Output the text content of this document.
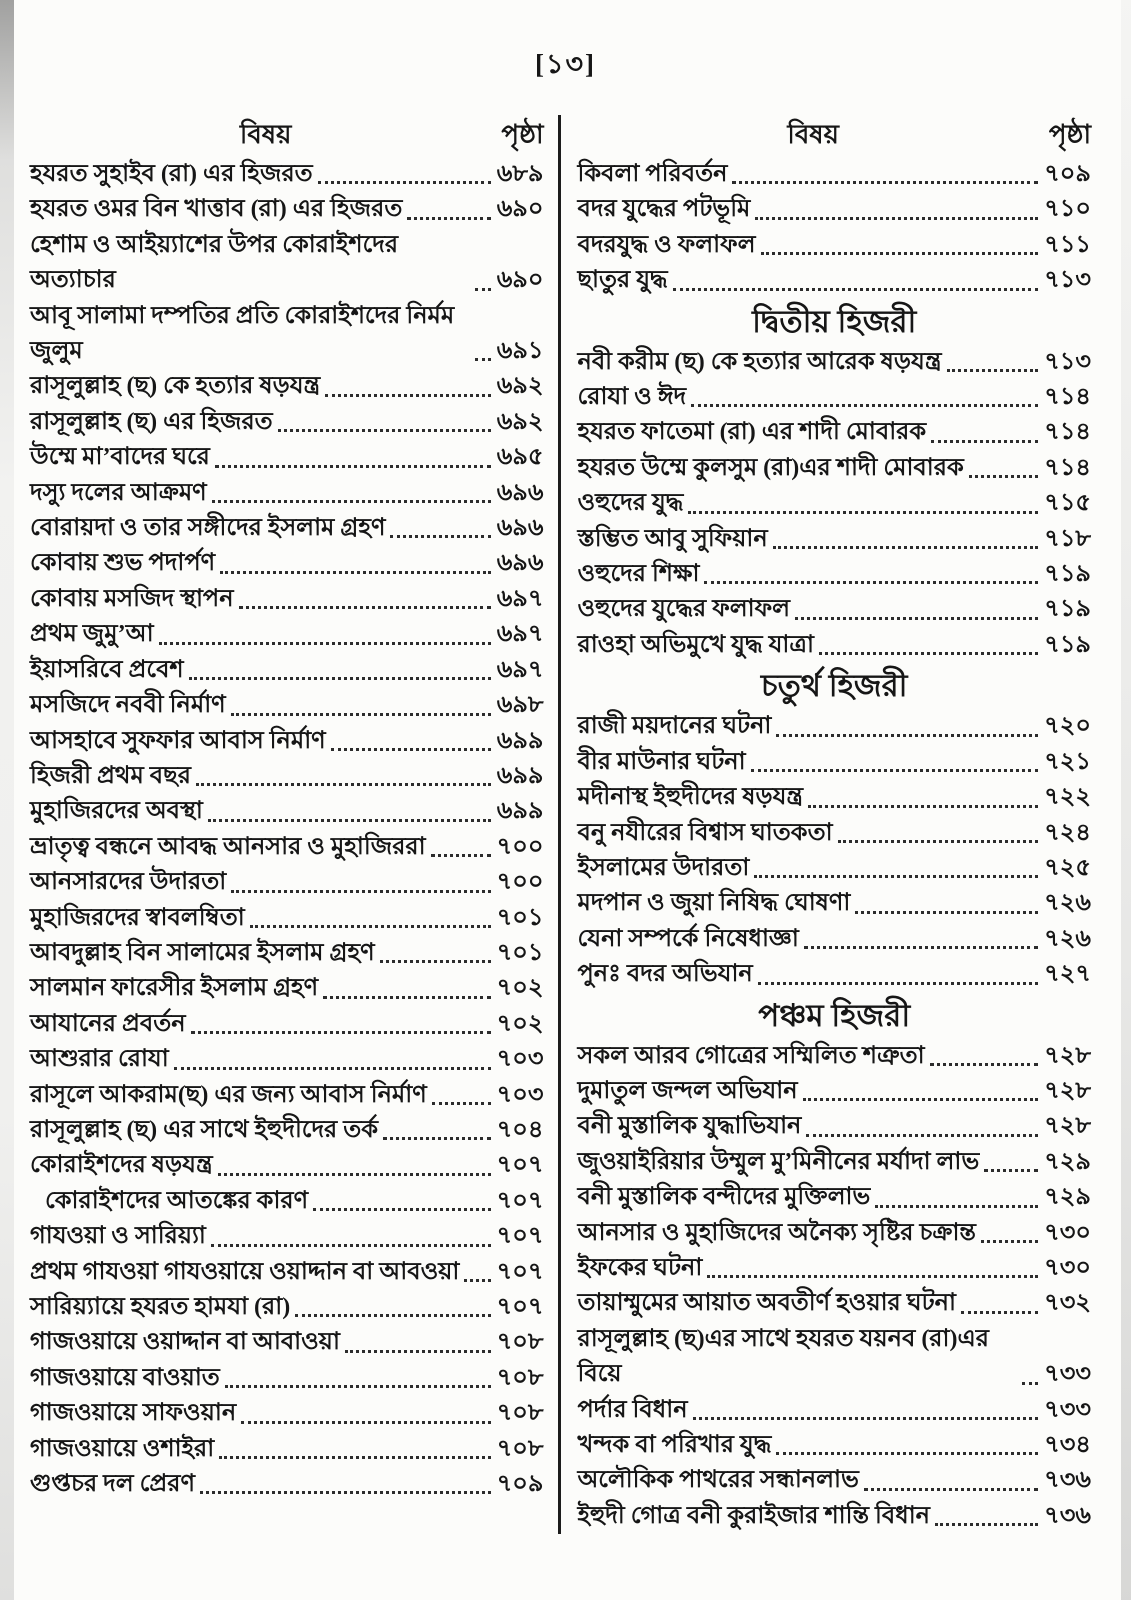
[১৩]
বিষয়	পৃষ্ঠা
হযরত সুহাইব (রা) এর হিজরত	৬৮৯
হযরত ওমর বিন খাত্তাব (রা) এর হিজরত	৬৯০
হেশাম ও আইয়্যাশের উপর কোরাইশদের অত্যাচার	৬৯০
আবূ সালামা দম্পতির প্রতি কোরাইশদের নির্মম জুলুম	৬৯১
রাসূলুল্লাহ (ছ) কে হত্যার ষড়যন্ত্র	৬৯২
রাসূলুল্লাহ (ছ) এর হিজরত	৬৯২
উম্মে মা’বাদের ঘরে	৬৯৫
দস্যু দলের আক্রমণ	৬৯৬
বোরায়দা ও তার সঙ্গীদের ইসলাম গ্রহণ	৬৯৬
কোবায় শুভ পদার্পণ	৬৯৬
কোবায় মসজিদ স্থাপন	৬৯৭
প্রথম জুমু’আ	৬৯৭
ইয়াসরিবে প্রবেশ	৬৯৭
মসজিদে নববী নির্মাণ	৬৯৮
আসহাবে সুফফার আবাস নির্মাণ	৬৯৯
হিজরী প্রথম বছর	৬৯৯
মুহাজিরদের অবস্থা	৬৯৯
ভ্রাতৃত্ব বন্ধনে আবদ্ধ আনসার ও মুহাজিররা	৭০০
আনসারদের উদারতা	৭০০
মুহাজিরদের স্বাবলম্বিতা	৭০১
আবদুল্লাহ বিন সালামের ইসলাম গ্রহণ	৭০১
সালমান ফারেসীর ইসলাম গ্রহণ	৭০২
আযানের প্রবর্তন	৭০২
আশুরার রোযা	৭০৩
রাসূলে আকরাম(ছ) এর জন্য আবাস নির্মাণ	৭০৩
রাসূলুল্লাহ (ছ) এর সাথে ইহুদীদের তর্ক	৭০৪
কোরাইশদের ষড়যন্ত্র	৭০৭
কোরাইশদের আতঙ্কের কারণ	৭০৭
গাযওয়া ও সারিয়্যা	৭০৭
প্রথম গাযওয়া গাযওয়ায়ে ওয়াদ্দান বা আবওয়া ৭০৭
সারিয়্যায়ে হযরত হামযা (রা)	৭০৭
গাজওয়ায়ে ওয়াদ্দান বা আবাওয়া	৭০৮
গাজওয়ায়ে বাওয়াত	৭০৮
গাজওয়ায়ে সাফওয়ান	৭০৮
গাজওয়ায়ে ওশাইরা	৭০৮
গুপ্তচর দল প্রেরণ	৭০৯
বিষয়	পৃষ্ঠা
কিবলা পরিবর্তন	৭০৯
বদর যুদ্ধের পটভূমি	৭১০
বদরযুদ্ধ ও ফলাফল	৭১১
ছাতুর যুদ্ধ	৭১৩
দ্বিতীয় হিজরী
নবী করীম (ছ) কে হত্যার আরেক ষড়যন্ত্র	৭১৩
রোযা ও ঈদ	৭১৪
হযরত ফাতেমা (রা) এর শাদী মোবারক	৭১৪
হযরত উম্মে কুলসুম (রা)এর শাদী মোবারক	৭১৪
ওহুদের যুদ্ধ	৭১৫
স্তম্ভিত আবু সুফিয়ান	৭১৮
ওহুদের শিক্ষা	৭১৯
ওহুদের যুদ্ধের ফলাফল	৭১৯
রাওহা অভিমুখে যুদ্ধ যাত্রা	৭১৯
চতুর্থ হিজরী
রাজী ময়দানের ঘটনা	৭২০
বীর মাউনার ঘটনা	৭২১
মদীনাস্থ ইহুদীদের ষড়যন্ত্র	৭২২
বনু নযীরের বিশ্বাস ঘাতকতা	৭২৪
ইসলামের উদারতা	৭২৫
মদপান ও জুয়া নিষিদ্ধ ঘোষণা	৭২৬
যেনা সম্পর্কে নিষেধাজ্ঞা	৭২৬
পুনঃ বদর অভিযান	৭২৭
পঞ্চম হিজরী
সকল আরব গোত্রের সম্মিলিত শত্রুতা	৭২৮
দুমাতুল জন্দল অভিযান	৭২৮
বনী মুস্তালিক যুদ্ধাভিযান	৭২৮
জুওয়াইরিয়ার উম্মুল মু’মিনীনের মর্যাদা লাভ	৭২৯
বনী মুস্তালিক বন্দীদের মুক্তিলাভ	৭২৯
আনসার ও মুহাজিদের অনৈক্য সৃষ্টির চক্রান্ত	৭৩০
ইফকের ঘটনা	৭৩০
তায়াম্মুমের আয়াত অবতীর্ণ হওয়ার ঘটনা	৭৩২
রাসূলুল্লাহ (ছ)এর সাথে হযরত যয়নব (রা)এর বিয়ে	৭৩৩
পর্দার বিধান	৭৩৩
খন্দক বা পরিখার যুদ্ধ	৭৩৪
অলৌকিক পাথরের সন্ধানলাভ	৭৩৬
ইহুদী গোত্র বনী কুরাইজার শান্তি বিধান	৭৩৬
